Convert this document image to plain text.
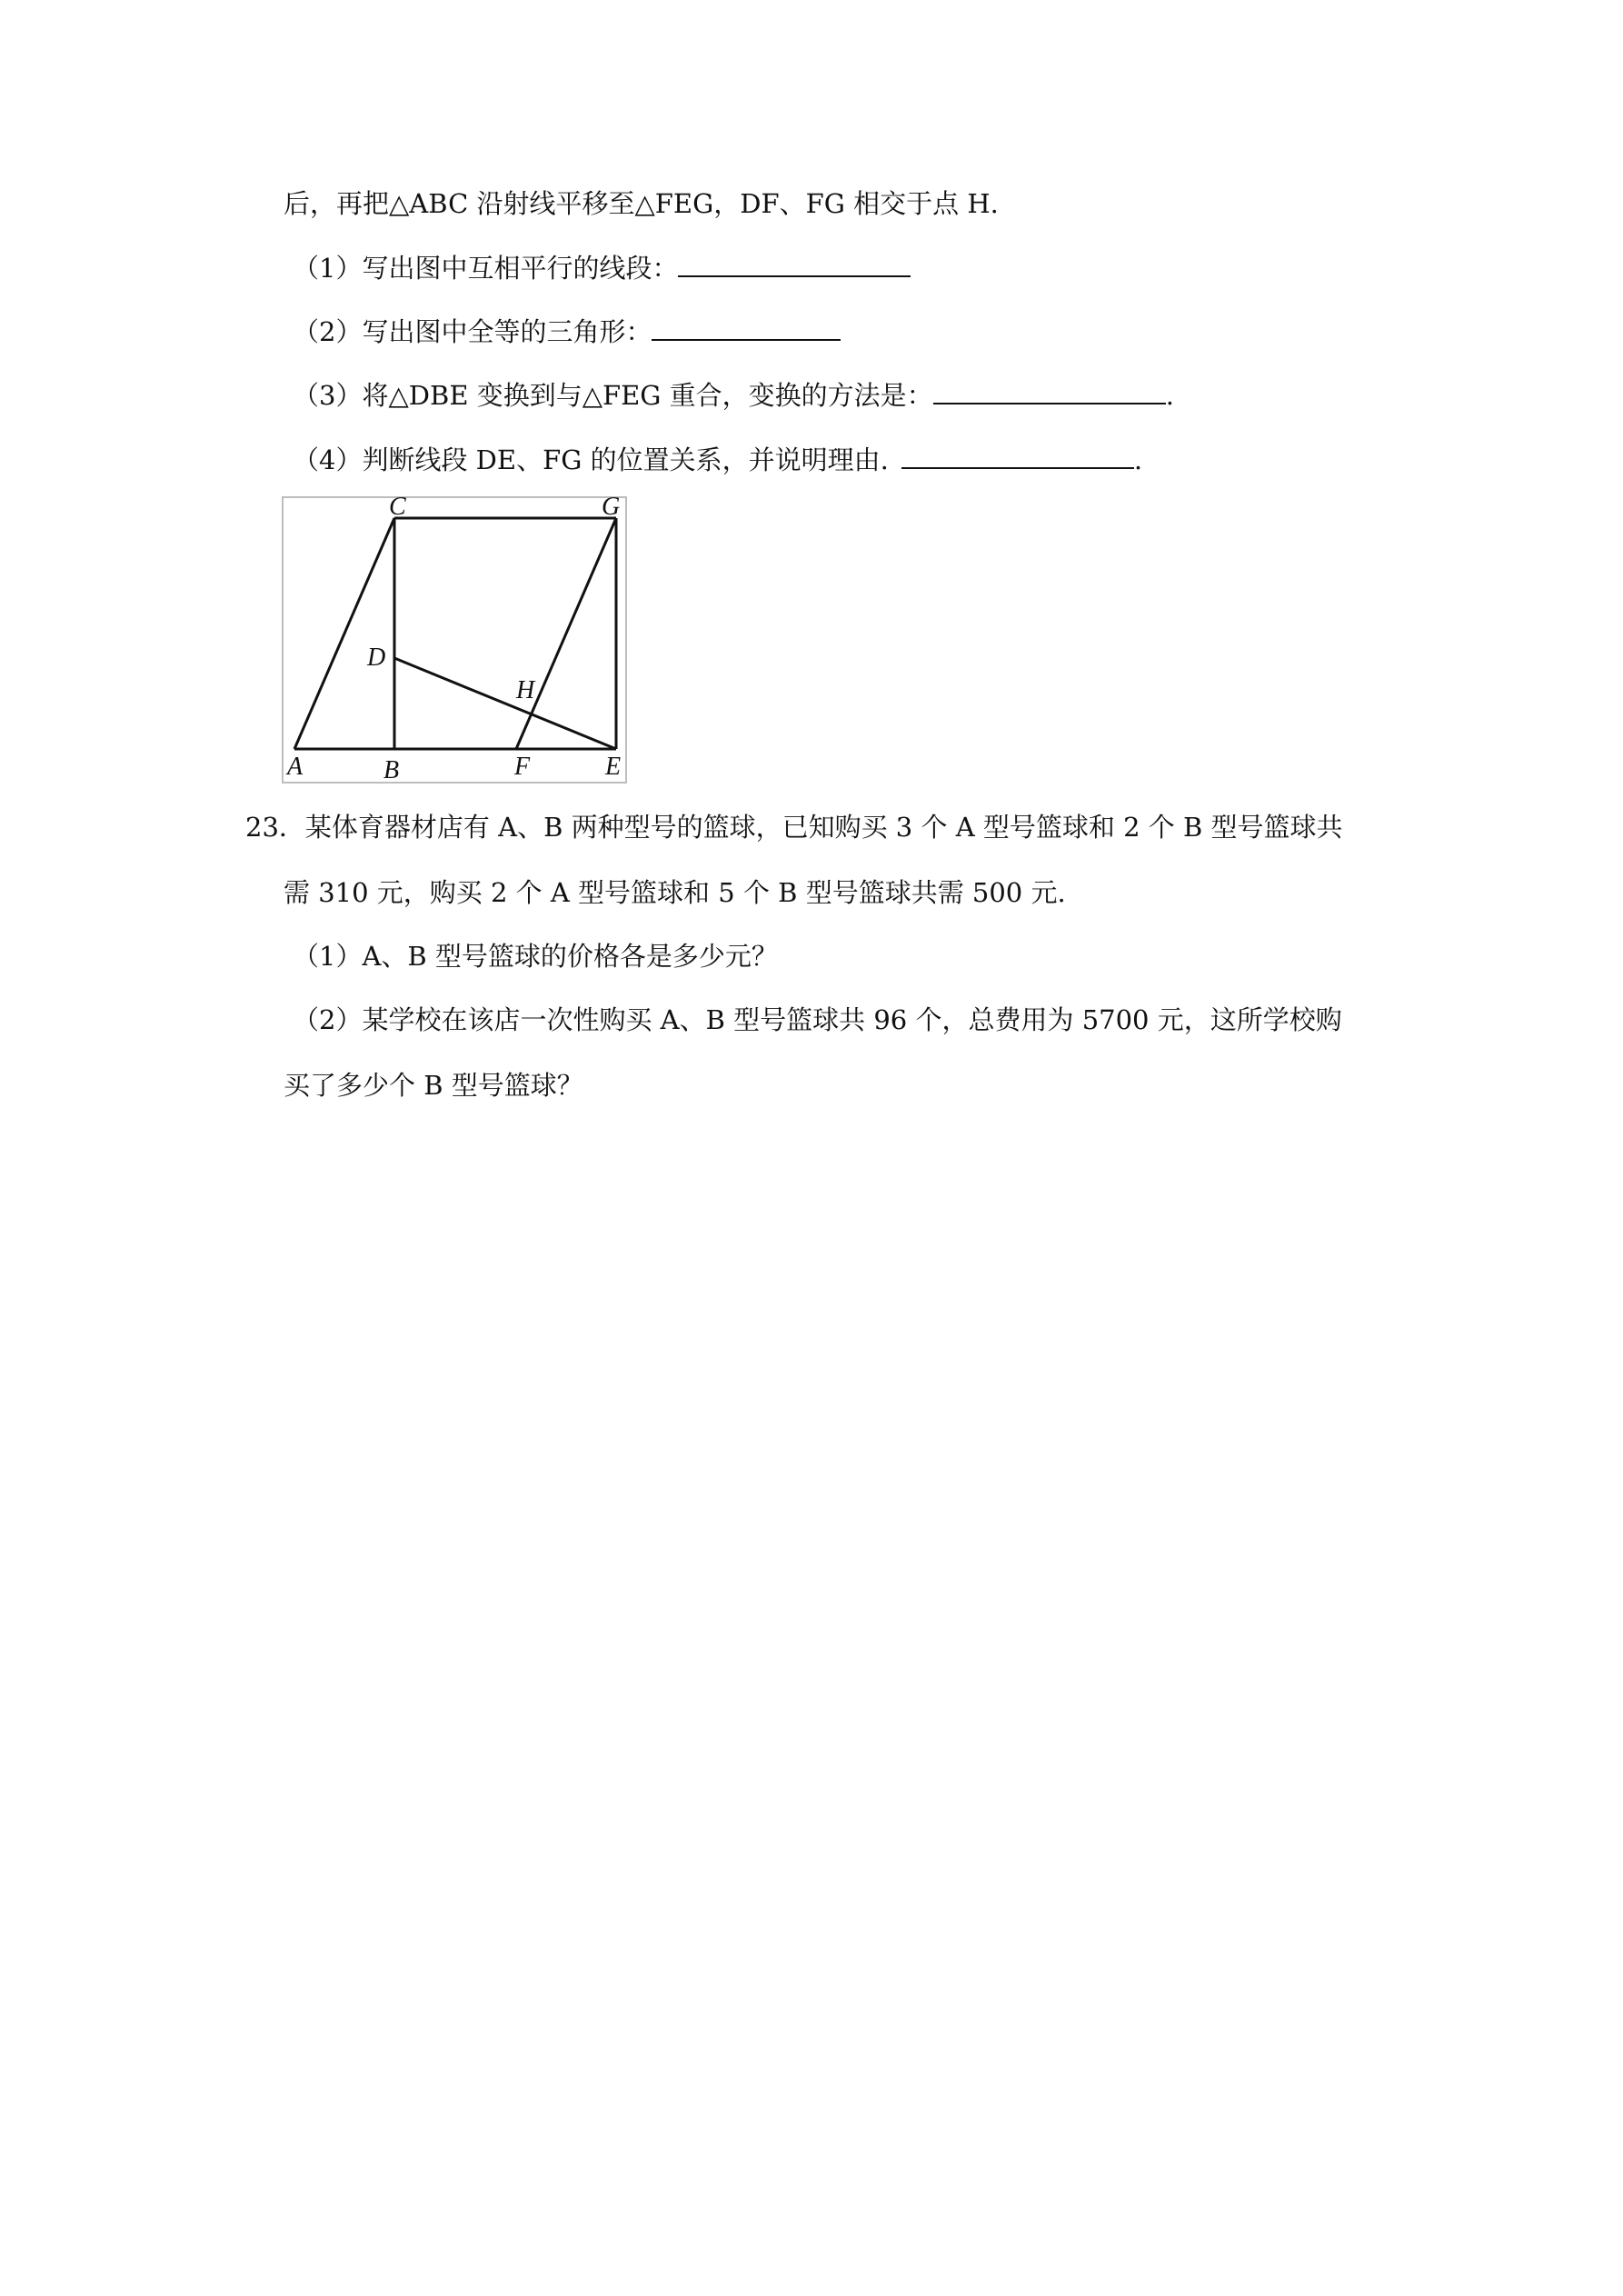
后，再把△ABC 沿射线平移至△FEG，DF、FG 相交于点 H.
（1）写出图中互相平行的线段：
（2）写出图中全等的三角形：
（3）将△DBE 变换到与△FEG 重合，变换的方法是：	.
（4）判断线段 DE、FG 的位置关系，并说明理由.	.
C	G
D
H
A	B	F	E
23．某体育器材店有 A、B 两种型号的篮球，已知购买 3 个 A 型号篮球和 2 个 B 型号篮球共
需 310 元，购买 2 个 A 型号篮球和 5 个 B 型号篮球共需 500 元.
（1）A、B 型号篮球的价格各是多少元？
（2）某学校在该店一次性购买 A、B 型号篮球共 96 个，总费用为 5700 元，这所学校购
买了多少个 B 型号篮球？
